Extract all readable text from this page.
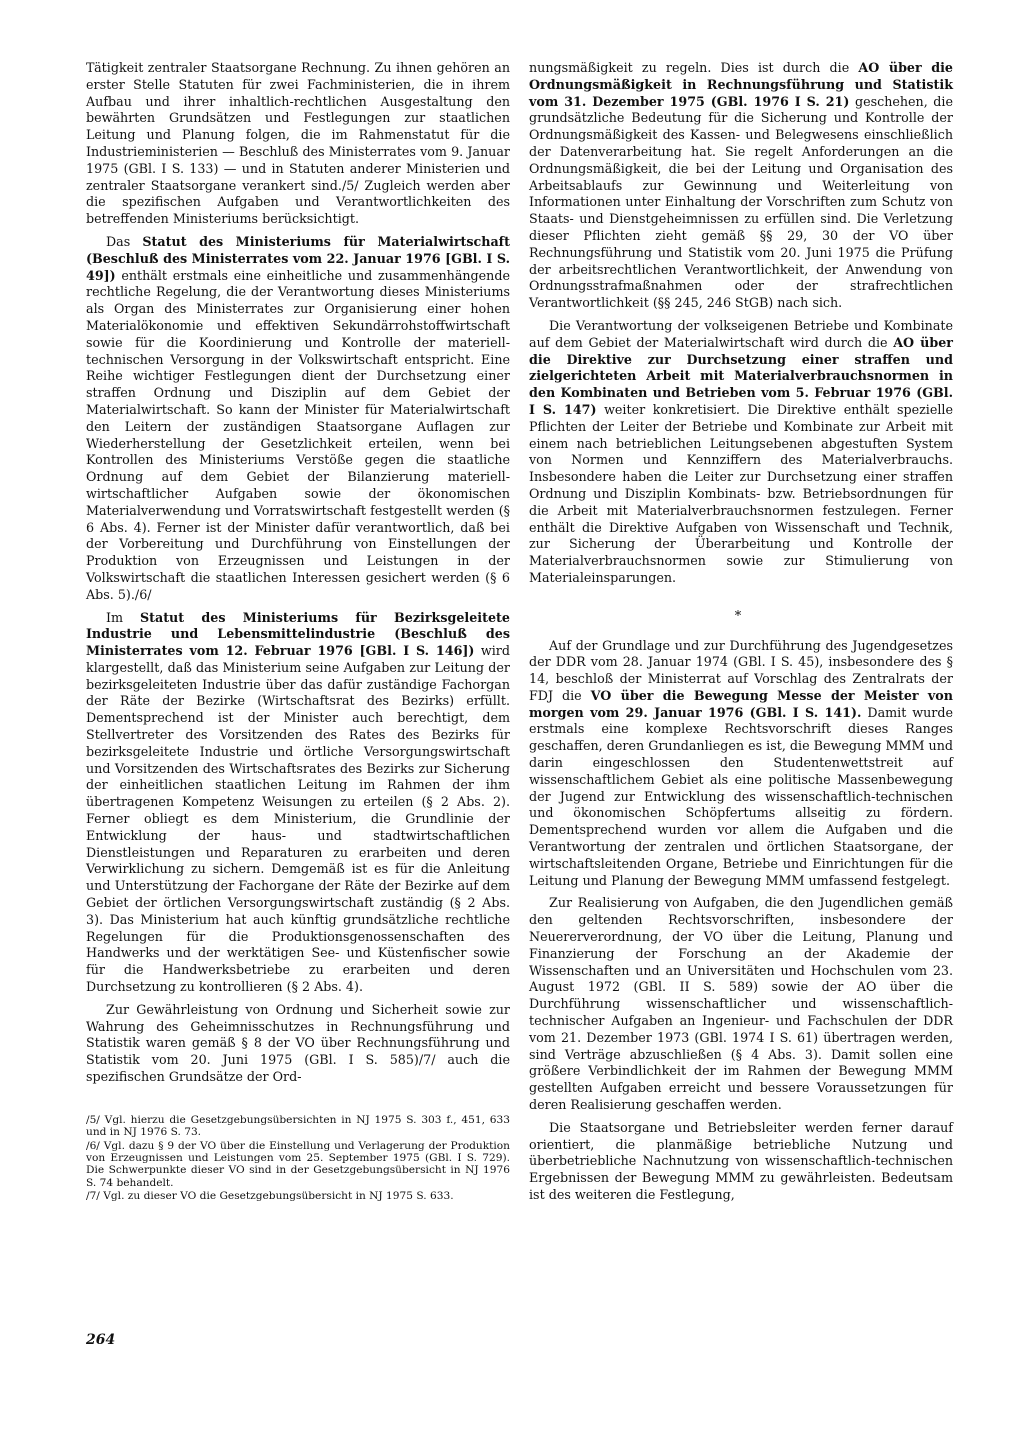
Tätigkeit zentraler Staatsorgane Rechnung. Zu ihnen gehören an erster Stelle Statuten für zwei Fachministerien, die in ihrem Aufbau und ihrer inhaltlich-rechtlichen Ausgestaltung den bewährten Grundsätzen und Festlegungen zur staatlichen Leitung und Planung folgen, die im Rahmenstatut für die Industrieministerien — Beschluß des Ministerrates vom 9. Januar 1975 (GBl. I S. 133) — und in Statuten anderer Ministerien und zentraler Staatsorgane verankert sind./5/ Zugleich werden aber die spezifischen Aufgaben und Verantwortlichkeiten des betreffenden Ministeriums berücksichtigt.

Das Statut des Ministeriums für Materialwirtschaft (Beschluß des Ministerrates vom 22. Januar 1976 [GBl. I S. 49]) enthält erstmals eine einheitliche und zusammenhängende rechtliche Regelung, die der Verantwortung dieses Ministeriums als Organ des Ministerrates zur Organisierung einer hohen Materialökonomie und effektiven Sekundärrohstoffwirtschaft sowie für die Koordinierung und Kontrolle der materiell-technischen Versorgung in der Volkswirtschaft entspricht. Eine Reihe wichtiger Festlegungen dient der Durchsetzung einer straffen Ordnung und Disziplin auf dem Gebiet der Materialwirtschaft. So kann der Minister für Materialwirtschaft den Leitern der zuständigen Staatsorgane Auflagen zur Wiederherstellung der Gesetzlichkeit erteilen, wenn bei Kontrollen des Ministeriums Verstöße gegen die staatliche Ordnung auf dem Gebiet der Bilanzierung materiell-wirtschaftlicher Aufgaben sowie der ökonomischen Materialverwendung und Vorratswirtschaft festgestellt werden (§ 6 Abs. 4). Ferner ist der Minister dafür verantwortlich, daß bei der Vorbereitung und Durchführung von Einstellungen der Produktion von Erzeugnissen und Leistungen in der Volkswirtschaft die staatlichen Interessen gesichert werden (§ 6 Abs. 5)./6/

Im Statut des Ministeriums für Bezirksgeleitete Industrie und Lebensmittelindustrie (Beschluß des Ministerrates vom 12. Februar 1976 [GBl. I S. 146]) wird klargestellt, daß das Ministerium seine Aufgaben zur Leitung der bezirksgeleiteten Industrie über das dafür zuständige Fachorgan der Räte der Bezirke (Wirtschaftsrat des Bezirks) erfüllt. Dementsprechend ist der Minister auch berechtigt, dem Stellvertreter des Vorsitzenden des Rates des Bezirks für bezirksgeleitete Industrie und örtliche Versorgungswirtschaft und Vorsitzenden des Wirtschaftsrates des Bezirks zur Sicherung der einheitlichen staatlichen Leitung im Rahmen der ihm übertragenen Kompetenz Weisungen zu erteilen (§ 2 Abs. 2). Ferner obliegt es dem Ministerium, die Grundlinie der Entwicklung der haus- und stadtwirtschaftlichen Dienstleistungen und Reparaturen zu erarbeiten und deren Verwirklichung zu sichern. Demgemäß ist es für die Anleitung und Unterstützung der Fachorgane der Räte der Bezirke auf dem Gebiet der örtlichen Versorgungswirtschaft zuständig (§ 2 Abs. 3). Das Ministerium hat auch künftig grundsätzliche rechtliche Regelungen für die Produktionsgenossenschaften des Handwerks und der werktätigen See- und Küstenfischer sowie für die Handwerksbetriebe zu erarbeiten und deren Durchsetzung zu kontrollieren (§ 2 Abs. 4).

Zur Gewährleistung von Ordnung und Sicherheit sowie zur Wahrung des Geheimnisschutzes in Rechnungsführung und Statistik waren gemäß § 8 der VO über Rechnungsführung und Statistik vom 20. Juni 1975 (GBl. I S. 585)/7/ auch die spezifischen Grundsätze der Ord-

/5/ Vgl. hierzu die Gesetzgebungsübersichten in NJ 1975 S. 303 f., 451, 633 und in NJ 1976 S. 73.
/6/ Vgl. dazu § 9 der VO über die Einstellung und Verlagerung der Produktion von Erzeugnissen und Leistungen vom 25. September 1975 (GBl. I S. 729). Die Schwerpunkte dieser VO sind in der Gesetzgebungsübersicht in NJ 1976 S. 74 behandelt.
/7/ Vgl. zu dieser VO die Gesetzgebungsübersicht in NJ 1975 S. 633.

nungsmäßigkeit zu regeln. Dies ist durch die AO über die Ordnungsmäßigkeit in Rechnungsführung und Statistik vom 31. Dezember 1975 (GBl. 1976 I S. 21) geschehen, die grundsätzliche Bedeutung für die Sicherung und Kontrolle der Ordnungsmäßigkeit des Kassen- und Belegwesens einschließlich der Datenverarbeitung hat. Sie regelt Anforderungen an die Ordnungsmäßigkeit, die bei der Leitung und Organisation des Arbeitsablaufs zur Gewinnung und Weiterleitung von Informationen unter Einhaltung der Vorschriften zum Schutz von Staats- und Dienstgeheimnissen zu erfüllen sind. Die Verletzung dieser Pflichten zieht gemäß §§ 29, 30 der VO über Rechnungsführung und Statistik vom 20. Juni 1975 die Prüfung der arbeitsrechtlichen Verantwortlichkeit, der Anwendung von Ordnungsstrafmaßnahmen oder der strafrechtlichen Verantwortlichkeit (§§ 245, 246 StGB) nach sich.

Die Verantwortung der volkseigenen Betriebe und Kombinate auf dem Gebiet der Materialwirtschaft wird durch die AO über die Direktive zur Durchsetzung einer straffen und zielgerichteten Arbeit mit Materialverbrauchsnormen in den Kombinaten und Betrieben vom 5. Februar 1976 (GBl. I S. 147) weiter konkretisiert. Die Direktive enthält spezielle Pflichten der Leiter der Betriebe und Kombinate zur Arbeit mit einem nach betrieblichen Leitungsebenen abgestuften System von Normen und Kennziffern des Materialverbrauchs. Insbesondere haben die Leiter zur Durchsetzung einer straffen Ordnung und Disziplin Kombinats- bzw. Betriebsordnungen für die Arbeit mit Materialverbrauchsnormen festzulegen. Ferner enthält die Direktive Aufgaben von Wissenschaft und Technik, zur Sicherung der Überarbeitung und Kontrolle der Materialverbrauchsnormen sowie zur Stimulierung von Materialeinsparungen.

*

Auf der Grundlage und zur Durchführung des Jugendgesetzes der DDR vom 28. Januar 1974 (GBl. I S. 45), insbesondere des § 14, beschloß der Ministerrat auf Vorschlag des Zentralrats der FDJ die VO über die Bewegung Messe der Meister von morgen vom 29. Januar 1976 (GBl. I S. 141). Damit wurde erstmals eine komplexe Rechtsvorschrift dieses Ranges geschaffen, deren Grundanliegen es ist, die Bewegung MMM und darin eingeschlossen den Studentenwettstreit auf wissenschaftlichem Gebiet als eine politische Massenbewegung der Jugend zur Entwicklung des wissenschaftlich-technischen und ökonomischen Schöpfertums allseitig zu fördern. Dementsprechend wurden vor allem die Aufgaben und die Verantwortung der zentralen und örtlichen Staatsorgane, der wirtschaftsleitenden Organe, Betriebe und Einrichtungen für die Leitung und Planung der Bewegung MMM umfassend festgelegt.

Zur Realisierung von Aufgaben, die den Jugendlichen gemäß den geltenden Rechtsvorschriften, insbesondere der Neuererverordnung, der VO über die Leitung, Planung und Finanzierung der Forschung an der Akademie der Wissenschaften und an Universitäten und Hochschulen vom 23. August 1972 (GBl. II S. 589) sowie der AO über die Durchführung wissenschaftlicher und wissenschaftlich-technischer Aufgaben an Ingenieur- und Fachschulen der DDR vom 21. Dezember 1973 (GBl. 1974 I S. 61) übertragen werden, sind Verträge abzuschließen (§ 4 Abs. 3). Damit sollen eine größere Verbindlichkeit der im Rahmen der Bewegung MMM gestellten Aufgaben erreicht und bessere Voraussetzungen für deren Realisierung geschaffen werden.

Die Staatsorgane und Betriebsleiter werden ferner darauf orientiert, die planmäßige betriebliche Nutzung und überbetriebliche Nachnutzung von wissenschaftlich-technischen Ergebnissen der Bewegung MMM zu gewährleisten. Bedeutsam ist des weiteren die Festlegung,

264
